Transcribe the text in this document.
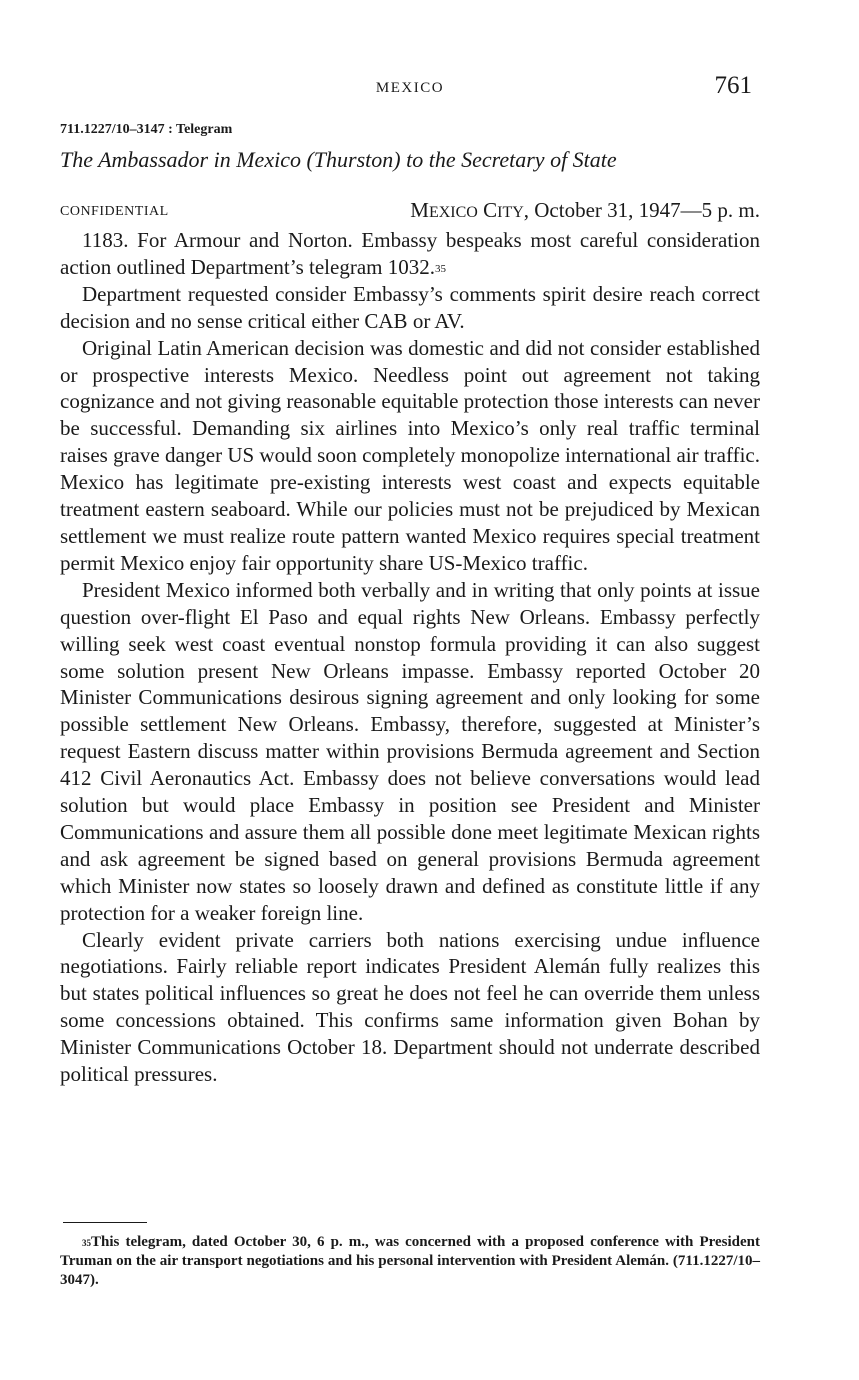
MEXICO	761
711.1227/10–3147 : Telegram
The Ambassador in Mexico (Thurston) to the Secretary of State
CONFIDENTIAL	MEXICO CITY, October 31, 1947—5 p. m.

1183. For Armour and Norton. Embassy bespeaks most careful consideration action outlined Department’s telegram 1032.35

Department requested consider Embassy’s comments spirit desire reach correct decision and no sense critical either CAB or AV.

Original Latin American decision was domestic and did not consider established or prospective interests Mexico. Needless point out agreement not taking cognizance and not giving reasonable equitable protection those interests can never be successful. Demanding six airlines into Mexico’s only real traffic terminal raises grave danger US would soon completely monopolize international air traffic. Mexico has legitimate pre-existing interests west coast and expects equitable treatment eastern seaboard. While our policies must not be prejudiced by Mexican settlement we must realize route pattern wanted Mexico requires special treatment permit Mexico enjoy fair opportunity share US-Mexico traffic.

President Mexico informed both verbally and in writing that only points at issue question over-flight El Paso and equal rights New Orleans. Embassy perfectly willing seek west coast eventual nonstop formula providing it can also suggest some solution present New Orleans impasse. Embassy reported October 20 Minister Communications desirous signing agreement and only looking for some possible settlement New Orleans. Embassy, therefore, suggested at Minister’s request Eastern discuss matter within provisions Bermuda agreement and Section 412 Civil Aeronautics Act. Embassy does not believe conversations would lead solution but would place Embassy in position see President and Minister Communications and assure them all possible done meet legitimate Mexican rights and ask agreement be signed based on general provisions Bermuda agreement which Minister now states so loosely drawn and defined as constitute little if any protection for a weaker foreign line.

Clearly evident private carriers both nations exercising undue influence negotiations. Fairly reliable report indicates President Alemán fully realizes this but states political influences so great he does not feel he can override them unless some concessions obtained. This confirms same information given Bohan by Minister Communications October 18. Department should not underrate described political pressures.

$^{35}$This telegram, dated October 30, 6 p. m., was concerned with a proposed conference with President Truman on the air transport negotiations and his personal intervention with President Alemán. (711.1227/10–3047).
